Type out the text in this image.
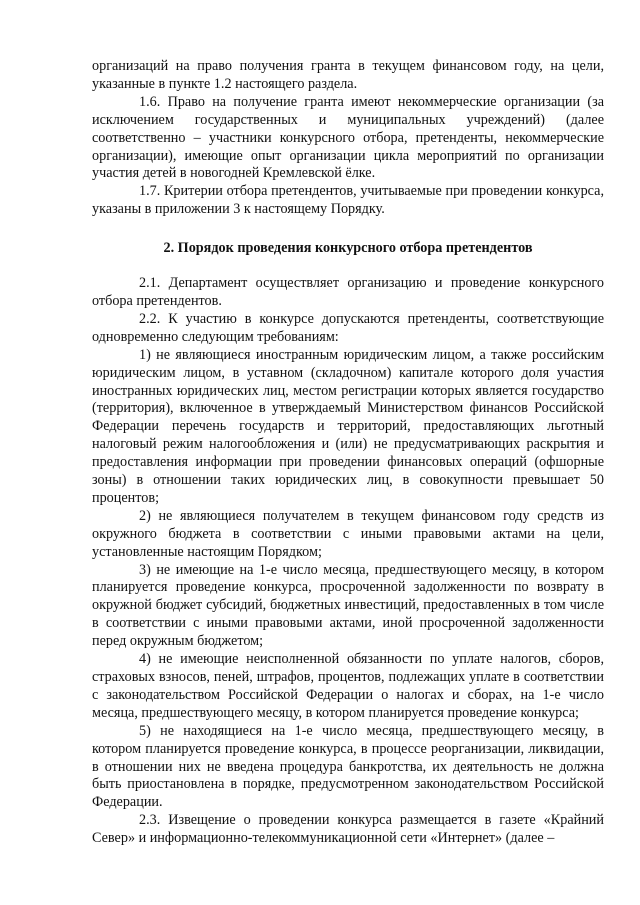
организаций на право получения гранта в текущем финансовом году, на цели, указанные в пункте 1.2 настоящего раздела.

1.6. Право на получение гранта имеют некоммерческие организации (за исключением государственных и муниципальных учреждений) (далее соответственно – участники конкурсного отбора, претенденты, некоммерческие организации), имеющие опыт организации цикла мероприятий по организации участия детей в новогодней Кремлевской ёлке.

1.7. Критерии отбора претендентов, учитываемые при проведении конкурса, указаны в приложении 3 к настоящему Порядку.

2. Порядок проведения конкурсного отбора претендентов

2.1. Департамент осуществляет организацию и проведение конкурсного отбора претендентов.

2.2. К участию в конкурсе допускаются претенденты, соответствующие одновременно следующим требованиям:

1) не являющиеся иностранным юридическим лицом, а также российским юридическим лицом, в уставном (складочном) капитале которого доля участия иностранных юридических лиц, местом регистрации которых является государство (территория), включенное в утверждаемый Министерством финансов Российской Федерации перечень государств и территорий, предоставляющих льготный налоговый режим налогообложения и (или) не предусматривающих раскрытия и предоставления информации при проведении финансовых операций (офшорные зоны) в отношении таких юридических лиц, в совокупности превышает 50 процентов;

2) не являющиеся получателем в текущем финансовом году средств из окружного бюджета в соответствии с иными правовыми актами на цели, установленные настоящим Порядком;

3) не имеющие на 1-е число месяца, предшествующего месяцу, в котором планируется проведение конкурса, просроченной задолженности по возврату в окружной бюджет субсидий, бюджетных инвестиций, предоставленных в том числе в соответствии с иными правовыми актами, иной просроченной задолженности перед окружным бюджетом;

4) не имеющие неисполненной обязанности по уплате налогов, сборов, страховых взносов, пеней, штрафов, процентов, подлежащих уплате в соответствии с законодательством Российской Федерации о налогах и сборах, на 1-е число месяца, предшествующего месяцу, в котором планируется проведение конкурса;

5) не находящиеся на 1-е число месяца, предшествующего месяцу, в котором планируется проведение конкурса, в процессе реорганизации, ликвидации, в отношении них не введена процедура банкротства, их деятельность не должна быть приостановлена в порядке, предусмотренном законодательством Российской Федерации.

2.3. Извещение о проведении конкурса размещается в газете «Крайний Север» и информационно-телекоммуникационной сети «Интернет» (далее –
